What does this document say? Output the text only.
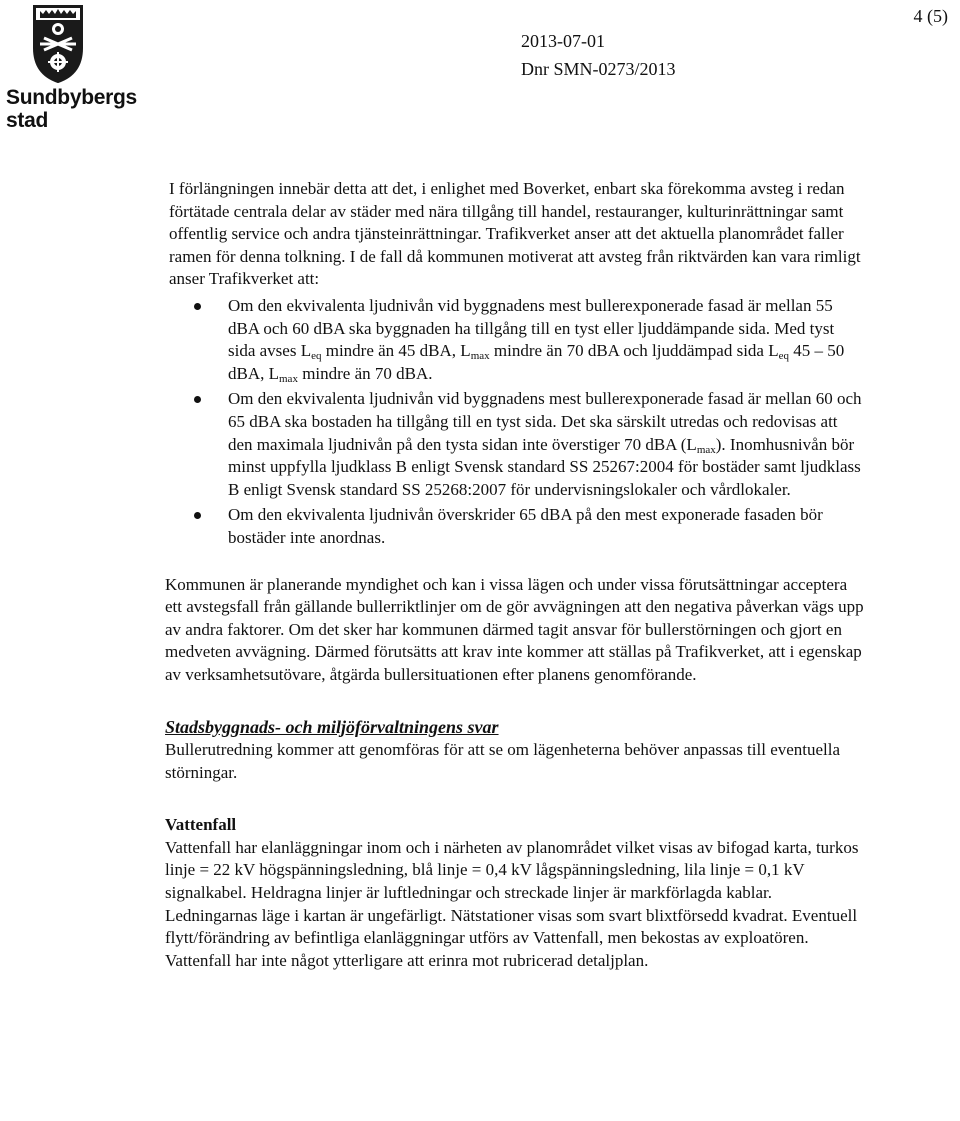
Sundbybergs
stad
4 (5)
2013-07-01
Dnr SMN-0273/2013

I förlängningen innebär detta att det, i enlighet med Boverket, enbart ska förekomma avsteg i redan förtätade centrala delar av städer med nära tillgång till handel, restauranger, kulturinrättningar samt offentlig service och andra tjänsteinrättningar. Trafikverket anser att det aktuella planområdet faller ramen för denna tolkning. I de fall då kommunen motiverat att avsteg från riktvärden kan vara rimligt anser Trafikverket att:

Om den ekvivalenta ljudnivån vid byggnadens mest bullerexponerade fasad är mellan 55 dBA och 60 dBA ska byggnaden ha tillgång till en tyst eller ljuddämpande sida. Med tyst sida avses $L_{eq}$ mindre än 45 dBA, $L_{max}$ mindre än 70 dBA och ljuddämpad sida $L_{eq}$ 45 – 50 dBA, $L_{max}$ mindre än 70 dBA.
Om den ekvivalenta ljudnivån vid byggnadens mest bullerexponerade fasad är mellan 60 och 65 dBA ska bostaden ha tillgång till en tyst sida. Det ska särskilt utredas och redovisas att den maximala ljudnivån på den tysta sidan inte överstiger 70 dBA $(L_{max})$. Inomhusnivån bör minst uppfylla ljudklass B enligt Svensk standard SS 25267:2004 för bostäder samt ljudklass B enligt Svensk standard SS 25268:2007 för undervisningslokaler och vårdlokaler.
Om den ekvivalenta ljudnivån överskrider 65 dBA på den mest exponerade fasaden bör bostäder inte anordnas.

Kommunen är planerande myndighet och kan i vissa lägen och under vissa förutsättningar acceptera ett avstegsfall från gällande bullerriktlinjer om de gör avvägningen att den negativa påverkan vägs upp av andra faktorer. Om det sker har kommunen därmed tagit ansvar för bullerstörningen och gjort en medveten avvägning. Därmed förutsätts att krav inte kommer att ställas på Trafikverket, att i egenskap av verksamhetsutövare, åtgärda bullersituationen efter planens genomförande.

Stadsbyggnads- och miljöförvaltningens svar

Bullerutredning kommer att genomföras för att se om lägenheterna behöver anpassas till eventuella störningar.

Vattenfall

Vattenfall har elanläggningar inom och i närheten av planområdet vilket visas av bifogad karta, turkos linje = 22 kV högspänningsledning, blå linje = 0,4 kV lågspänningsledning, lila linje = 0,1 kV signalkabel. Heldragna linjer är luftledningar och streckade linjer är markförlagda kablar. Ledningarnas läge i kartan är ungefärligt. Nätstationer visas som svart blixtförsedd kvadrat. Eventuell flytt/förändring av befintliga elanläggningar utförs av Vattenfall, men bekostas av exploatören. Vattenfall har inte något ytterligare att erinra mot rubricerad detaljplan.
